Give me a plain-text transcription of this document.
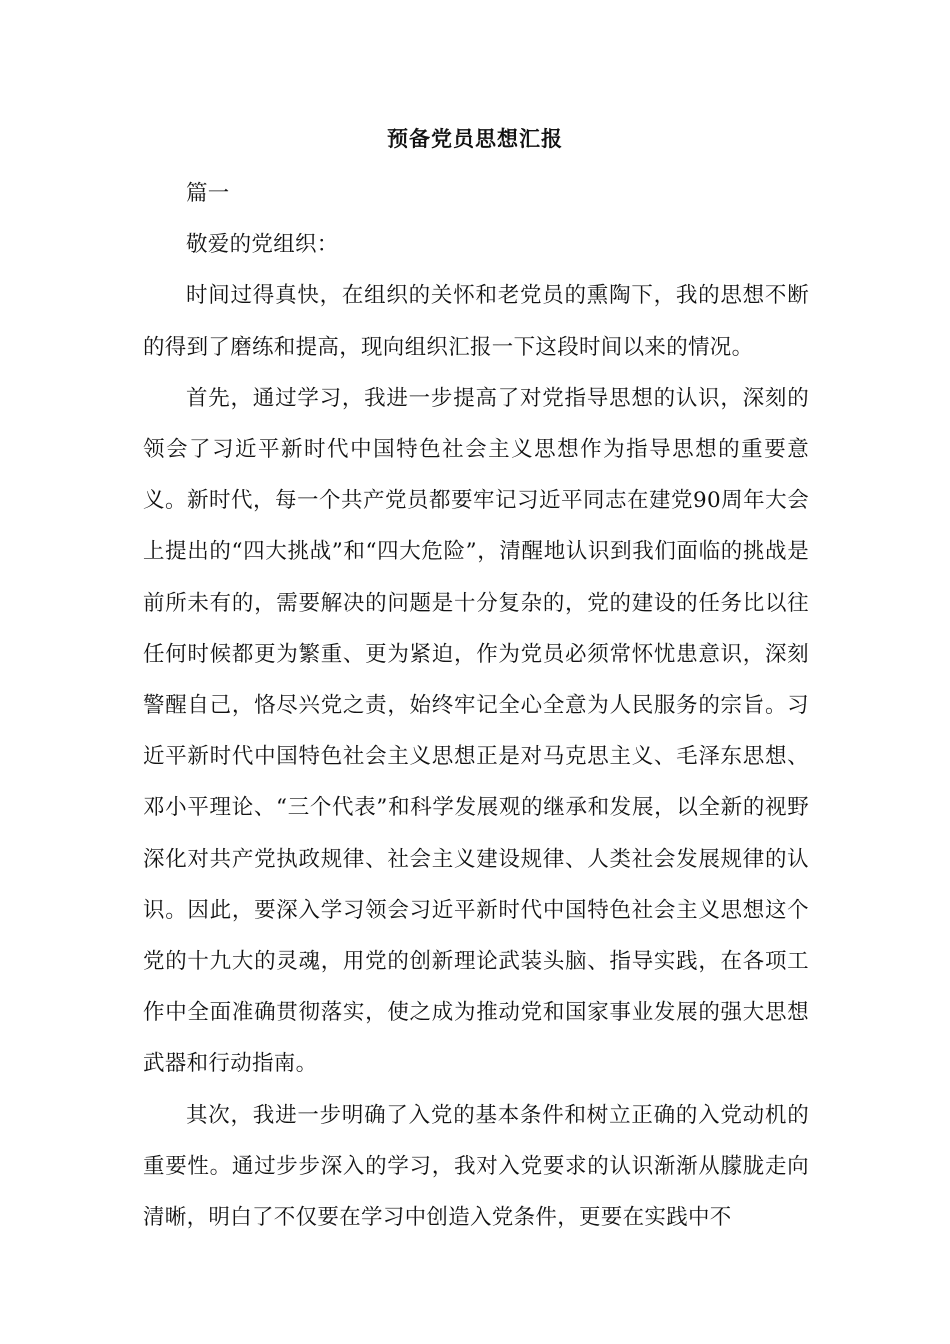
预备党员思想汇报

篇一

敬爱的党组织：

时间过得真快，在组织的关怀和老党员的熏陶下，我的思想不断的得到了磨练和提高，现向组织汇报一下这段时间以来的情况。

首先，通过学习，我进一步提高了对党指导思想的认识，深刻的领会了习近平新时代中国特色社会主义思想作为指导思想的重要意义。新时代，每一个共产党员都要牢记习近平同志在建党90周年大会上提出的“四大挑战”和“四大危险”，清醒地认识到我们面临的挑战是前所未有的，需要解决的问题是十分复杂的，党的建设的任务比以往任何时候都更为繁重、更为紧迫，作为党员必须常怀忧患意识，深刻警醒自己，恪尽兴党之责，始终牢记全心全意为人民服务的宗旨。习近平新时代中国特色社会主义思想正是对马克思主义、毛泽东思想、邓小平理论、“三个代表”和科学发展观的继承和发展，以全新的视野深化对共产党执政规律、社会主义建设规律、人类社会发展规律的认识。因此，要深入学习领会习近平新时代中国特色社会主义思想这个党的十九大的灵魂，用党的创新理论武装头脑、指导实践，在各项工作中全面准确贯彻落实，使之成为推动党和国家事业发展的强大思想武器和行动指南。

其次，我进一步明确了入党的基本条件和树立正确的入党动机的重要性。通过步步深入的学习，我对入党要求的认识渐渐从朦胧走向清晰，明白了不仅要在学习中创造入党条件，更要在实践中不
